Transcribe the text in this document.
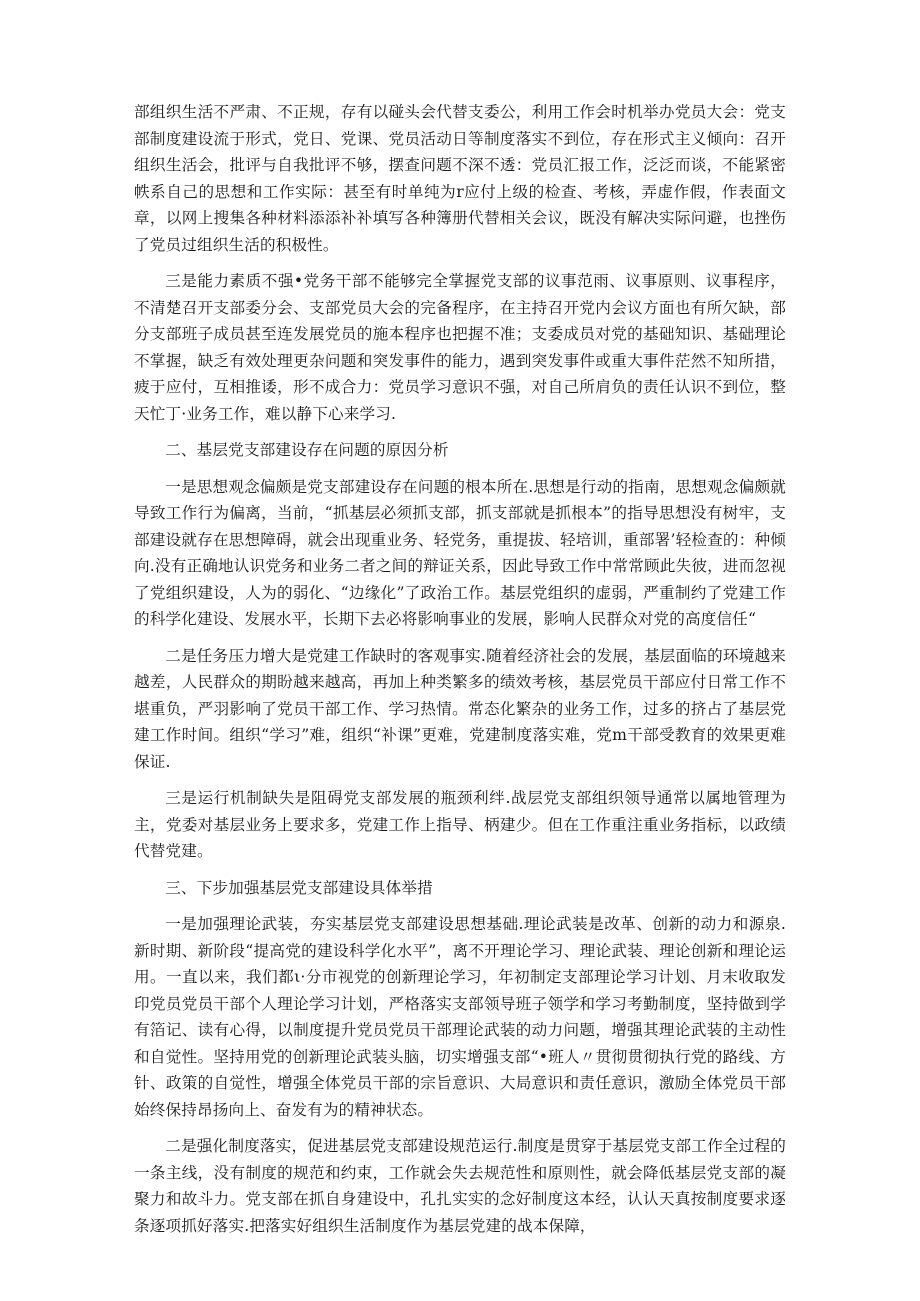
部组织生活不严肃、不正规，存有以碰头会代替支委公，利用工作会时机举办党员大会：党支部制度建设流于形式，党日、党课、党员活动日等制度落实不到位，存在形式主义倾向：召开组织生活会，批评与自我批评不够，摆查问题不深不透：党员汇报工作，泛泛而谈，不能紧密帙系自己的思想和工作实际：甚至有时单纯为r应付上级的检查、考核，弄虚作假，作表面文章，以网上搜集各种材料添添补补填写各种簿册代替相关会议，既没有解决实际问避，也挫伤了党员过组织生活的积极性。

三是能力素质不强•党务干部不能够完全掌握党支部的议事范雨、议事原则、议事程序，不清楚召开支部委分会、支部党员大会的完备程序，在主持召开党内会议方面也有所欠缺，部分支部班子成员甚至连发展党员的施本程序也把握不准；支委成员对党的基础知识、基础理论不掌握，缺乏有效处理更杂问题和突发事件的能力，遇到突发事件或重大事件茫然不知所措，疲于应付，互相推诿，形不成合力：党员学习意识不强，对自己所肩负的责任认识不到位，整天忙丁·业务工作，难以静下心来学习.

二、基层党支部建设存在问题的原因分析

一是思想观念偏颇是党支部建设存在问题的根本所在.思想是行动的指南，思想观念偏颇就导致工作行为偏离，当前，“抓基层必须抓支部，抓支部就是抓根本”的指导思想没有树牢，支部建设就存在思想障碍，就会出现重业务、轻党务，重提拔、轻培训，重部署’轻检查的：种倾向.没有正确地认识党务和业务二者之间的辩证关系，因此导致工作中常常顾此失彼，进而忽视了党组织建设，人为的弱化、“边缘化”了政治工作。基层党组织的虚弱，严重制约了党建工作的科学化建设、发展水平，长期下去必将影响事业的发展，影响人民群众对党的高度信任“

二是任务压力增大是党建工作缺时的客观事实.随着经济社会的发展，基层面临的环境越来越差，人民群众的期盼越来越高，再加上种类繁多的绩效考核，基层党员干部应付日常工作不堪重负，严羽影响了党员干部工作、学习热情。常态化繁杂的业务工作，过多的挤占了基层党建工作时间。组织“学习”难，组织“补课”更难，党建制度落实难，党m干部受教育的效果更难保证.

三是运行机制缺失是阻碍党支部发展的瓶颈利绊.战层党支部组织领导通常以属地管理为主，党委对基层业务上要求多，党建工作上指导、柄建少。但在工作重注重业务指标，以政绩代替党建。

三、下步加强基层党支部建设具体举措

一是加强理论武装，夯实基层党支部建设思想基础.理论武装是改革、创新的动力和源泉.新时期、新阶段“提高党的建设科学化水平”，离不开理论学习、理论武装、理论创新和理论运用。一直以来，我们都ι·分市视党的创新理论学习，年初制定支部理论学习计划、月末收取发印党员党员干部个人理论学习计划，严格落实支部领导班子领学和学习考勤制度，坚持做到学有箔记、读有心得，以制度提升党员党员干部理论武装的动力问题，增强其理论武装的主动性和自觉性。坚持用党的创新理论武装头脑，切实增强支部“•班人〃贯彻贯彻执行党的路线、方针、政策的自觉性，增强全体党员干部的宗旨意识、大局意识和责任意识，激励全体党员干部始终保持昂扬向上、奋发有为的精神状态。

二是强化制度落实，促进基层党支部建设规范运行.制度是贯穿于基层党支部工作全过程的一条主线，没有制度的规范和约束，工作就会失去规范性和原则性，就会降低基层党支部的凝聚力和故斗力。党支部在抓自身建设中，孔扎实实的念好制度这本经，认认天真按制度要求逐条逐项抓好落实.把落实好组织生活制度作为基层党建的战本保障，
